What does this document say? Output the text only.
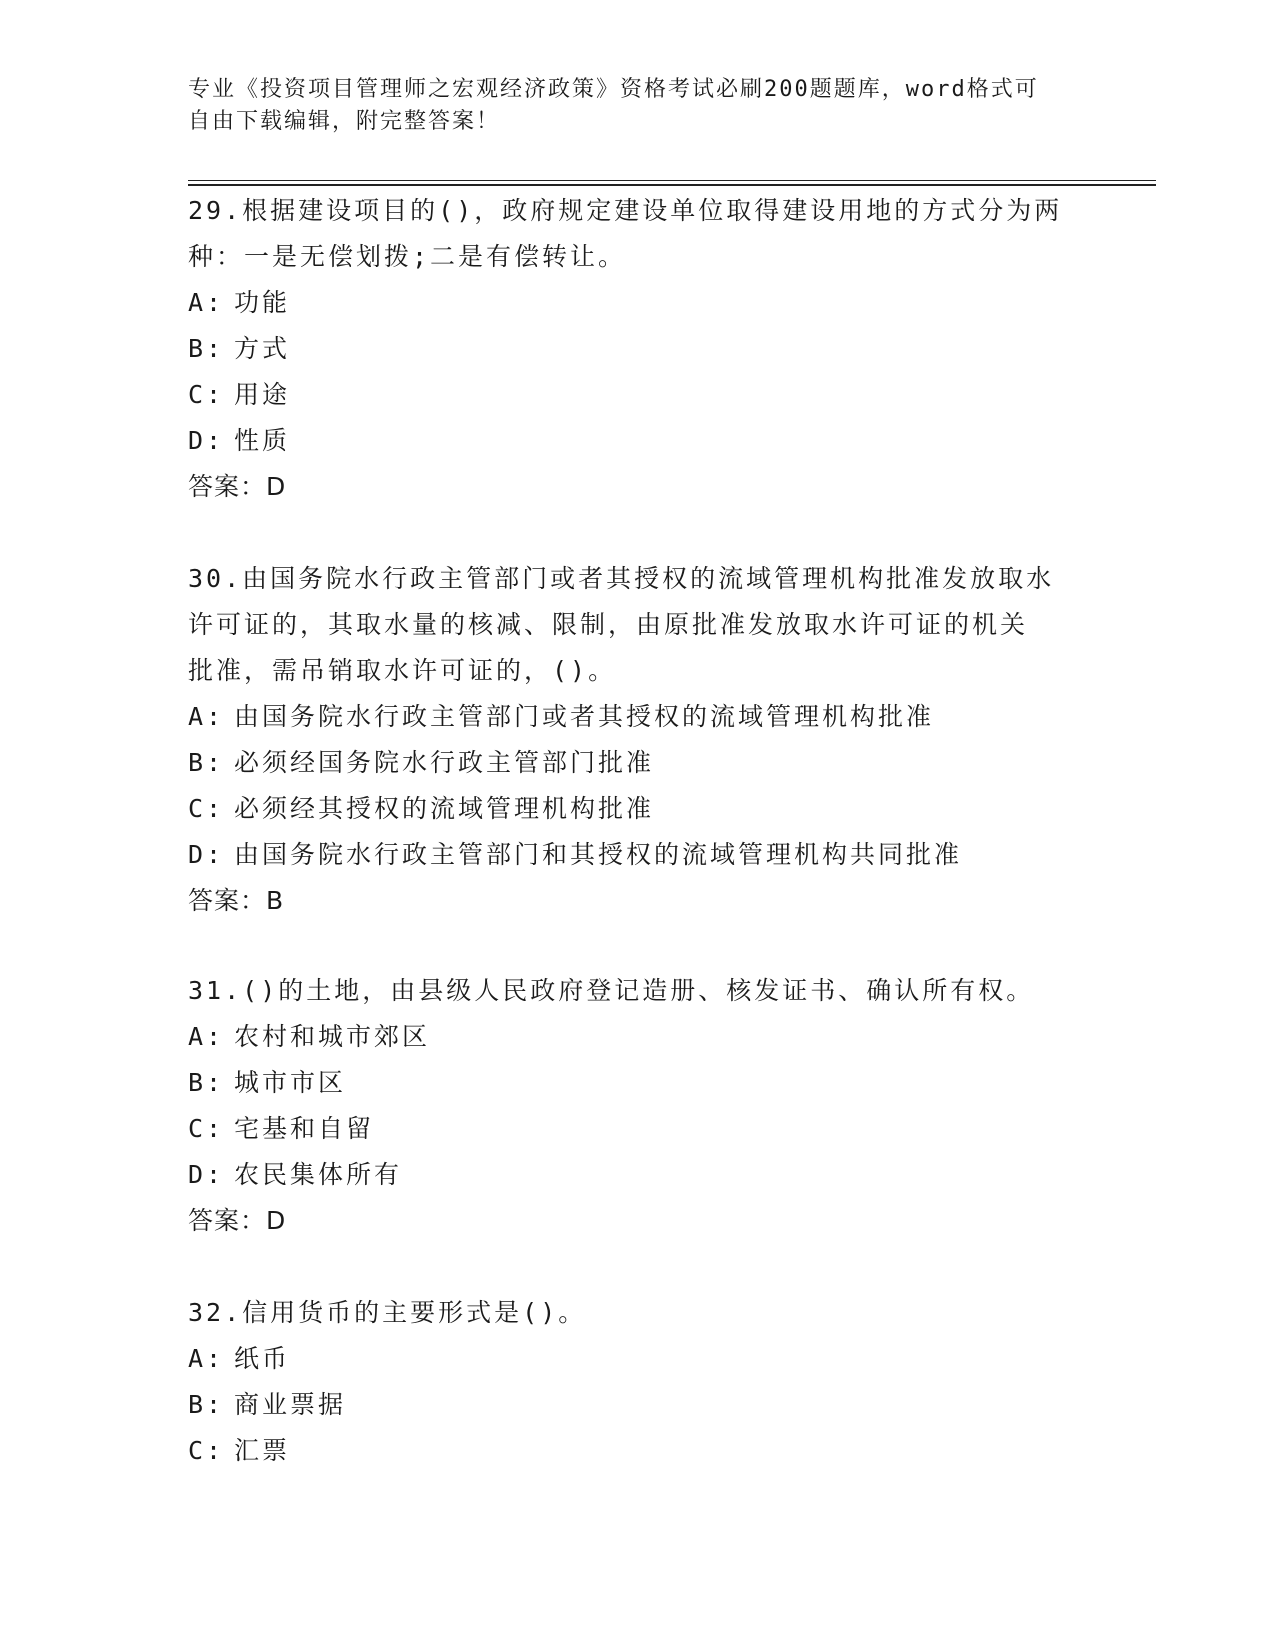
专业《投资项目管理师之宏观经济政策》资格考试必刷200题题库，word格式可
自由下载编辑，附完整答案！
29.根据建设项目的()，政府规定建设单位取得建设用地的方式分为两
种：一是无偿划拨;二是有偿转让。
A: 功能
B: 方式
C: 用途
D: 性质
答案：D
30.由国务院水行政主管部门或者其授权的流域管理机构批准发放取水
许可证的，其取水量的核减、限制，由原批准发放取水许可证的机关
批准，需吊销取水许可证的，()。
A: 由国务院水行政主管部门或者其授权的流域管理机构批准
B: 必须经国务院水行政主管部门批准
C: 必须经其授权的流域管理机构批准
D: 由国务院水行政主管部门和其授权的流域管理机构共同批准
答案：B
31.()的土地，由县级人民政府登记造册、核发证书、确认所有权。
A: 农村和城市郊区
B: 城市市区
C: 宅基和自留
D: 农民集体所有
答案：D
32.信用货币的主要形式是()。
A: 纸币
B: 商业票据
C: 汇票
